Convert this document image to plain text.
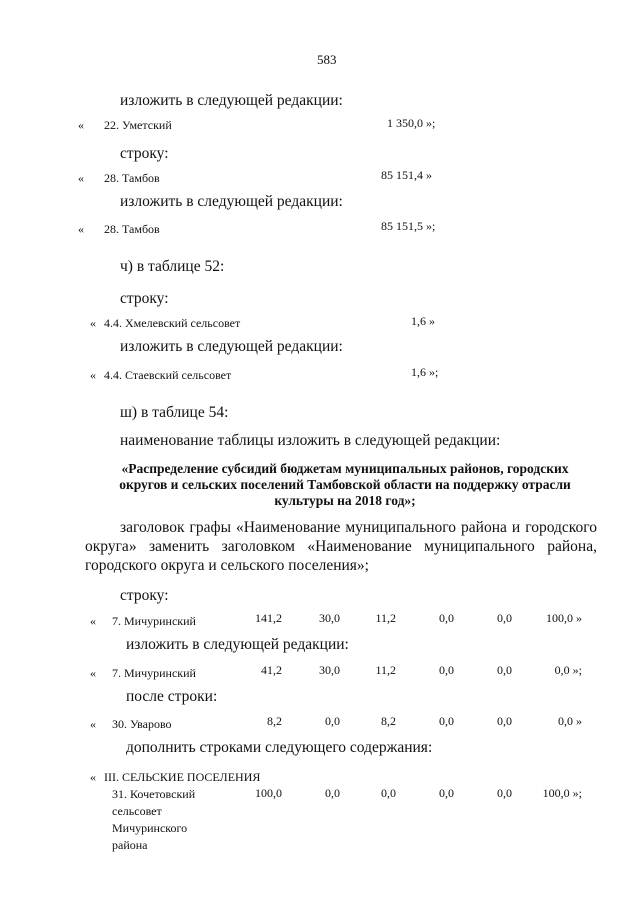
583
изложить в следующей редакции:
« 22. Уметский	1 350,0 »;
строку:
« 28. Тамбов	85 151,4 »
изложить в следующей редакции:
« 28. Тамбов	85 151,5 »;
ч) в таблице 52:
строку:
« 4.4. Хмелевский сельсовет	1,6 »
изложить в следующей редакции:
« 4.4. Стаевский сельсовет	1,6 »;
ш) в таблице 54:
наименование таблицы изложить в следующей редакции:
«Распределение субсидий бюджетам муниципальных районов, городских
округов и сельских поселений Тамбовской области на поддержку отрасли
культуры на 2018 год»;
заголовок графы «Наименование муниципального района и городского округа» заменить заголовком «Наименование муниципального района, городского округа и сельского поселения»;
строку:
« 7. Мичуринский	141,2	30,0	11,2	0,0	0,0	100,0 »
изложить в следующей редакции:
« 7. Мичуринский	41,2	30,0	11,2	0,0	0,0	0,0 »;
после строки:
« 30. Уварово	8,2	0,0	8,2	0,0	0,0	0,0 »
дополнить строками следующего содержания:
« III. СЕЛЬСКИЕ ПОСЕЛЕНИЯ
31. Кочетовский
сельсовет
Мичуринского
района
100,0	0,0	0,0	0,0	0,0	100,0 »;
